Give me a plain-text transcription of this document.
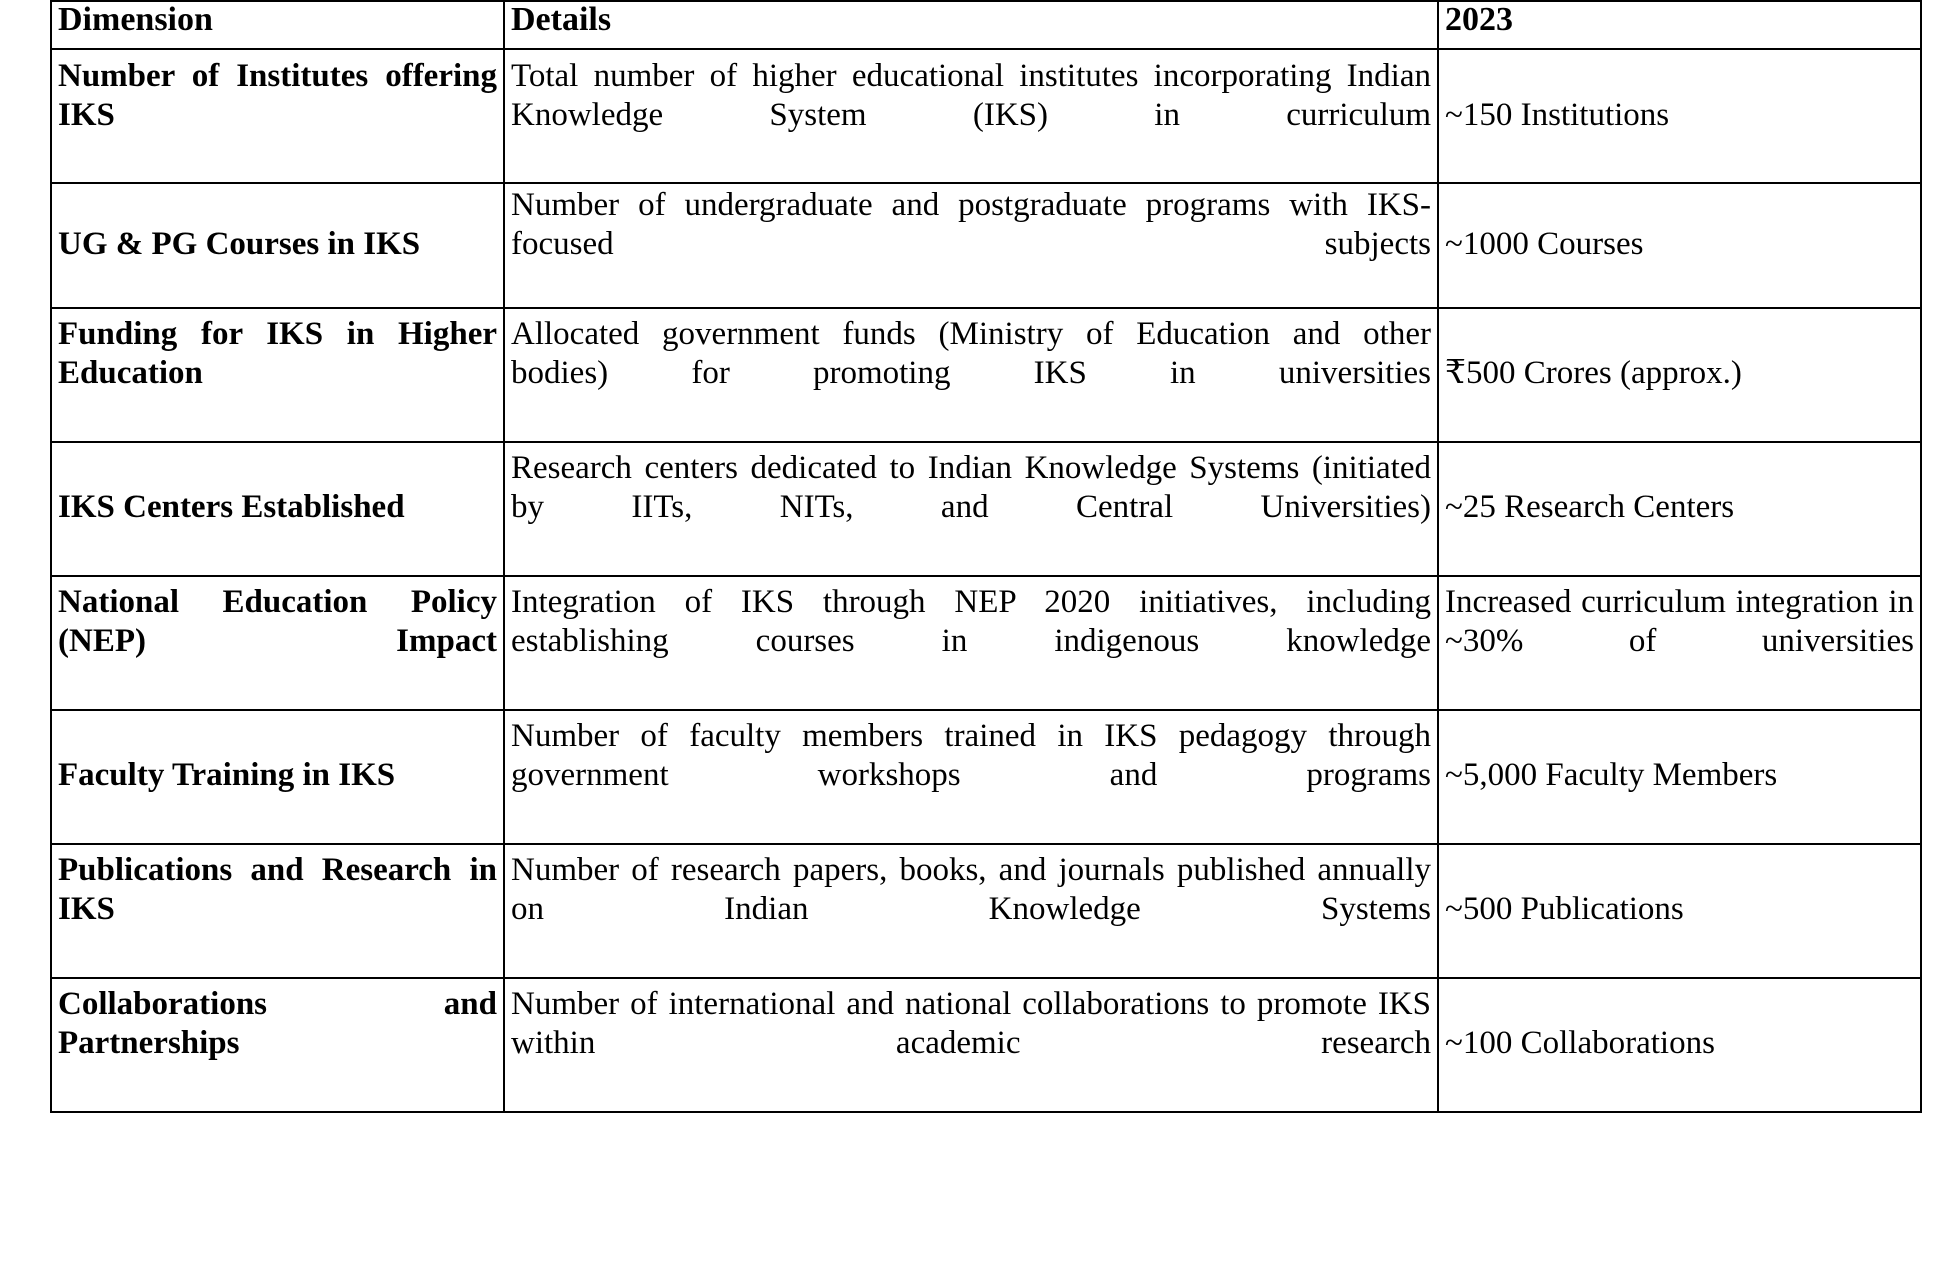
Dimension	Details	2023

Number of Institutes offering IKS	Total number of higher educational institutes incorporating Indian Knowledge System (IKS) in curriculum	~150 Institutions

UG & PG Courses in IKS	Number of undergraduate and postgraduate programs with IKS-focused subjects	~1000 Courses

Funding for IKS in Higher Education	Allocated government funds (Ministry of Education and other bodies) for promoting IKS in universities	₹500 Crores (approx.)

IKS Centers Established	Research centers dedicated to Indian Knowledge Systems (initiated by IITs, NITs, and Central Universities)	~25 Research Centers

National Education Policy (NEP) Impact	Integration of IKS through NEP 2020 initiatives, including establishing courses in indigenous knowledge	Increased curriculum integration in ~30% of universities

Faculty Training in IKS	Number of faculty members trained in IKS pedagogy through government workshops and programs	~5,000 Faculty Members

Publications and Research in IKS	Number of research papers, books, and journals published annually on Indian Knowledge Systems	~500 Publications

Collaborations and Partnerships	Number of international and national collaborations to promote IKS within academic research	~100 Collaborations
